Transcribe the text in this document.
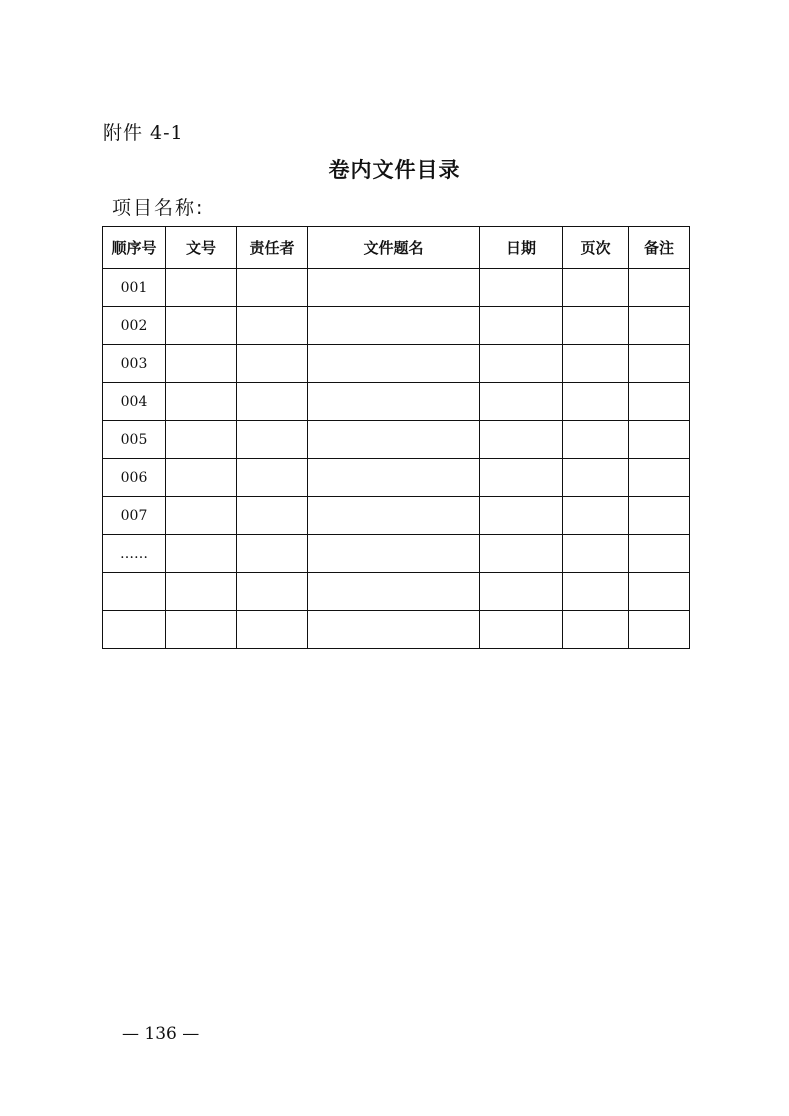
附件 4-1
卷内文件目录
项目名称:
顺序号	文号	责任者	文件题名	日期	页次	备注
001						
002						
003						
004						
005						
006						
007						
……						

— 136 —
